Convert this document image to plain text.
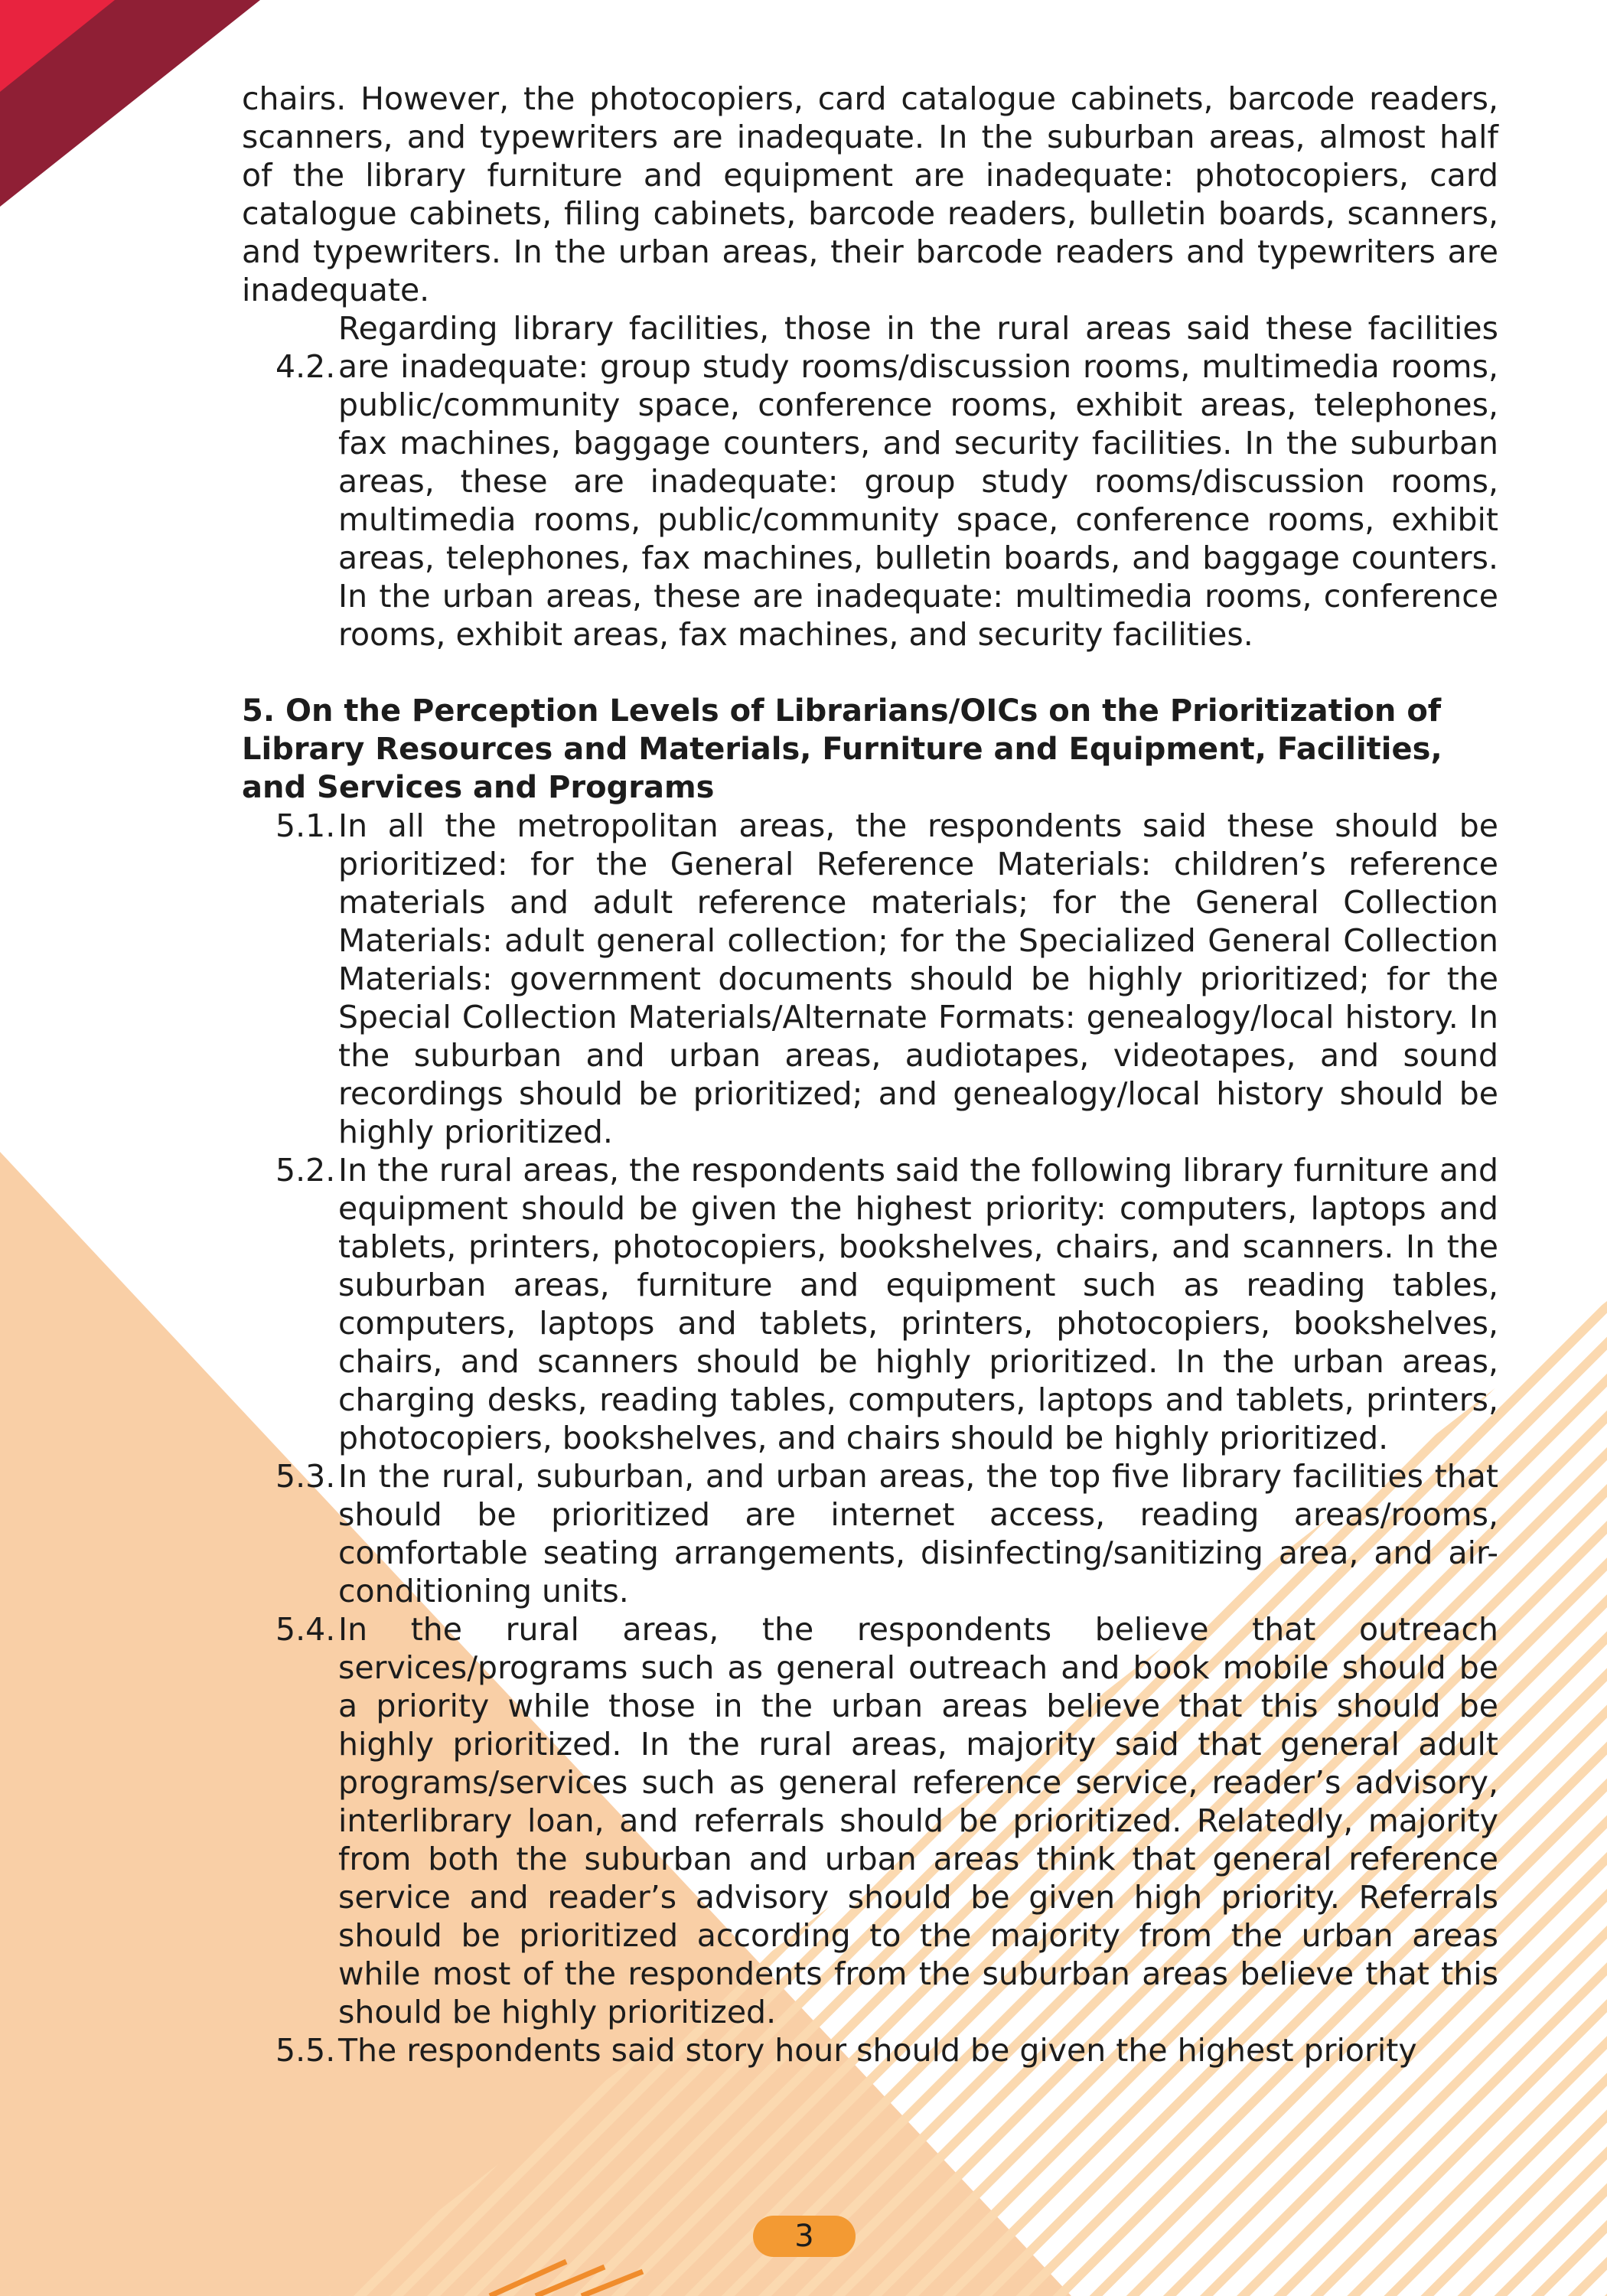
chairs. However, the photocopiers, card catalogue cabinets, barcode readers, scanners, and typewriters are inadequate. In the suburban areas, almost half of the library furniture and equipment are inadequate: photocopiers, card catalogue cabinets, filing cabinets, barcode readers, bulletin boards, scanners, and typewriters. In the urban areas, their barcode readers and typewriters are inadequate.

4.2.

Regarding library facilities, those in the rural areas said these facilities are inadequate: group study rooms/discussion rooms, multimedia rooms, public/community space, conference rooms, exhibit areas, telephones, fax machines, baggage counters, and security facilities. In the suburban areas, these are inadequate: group study rooms/discussion rooms, multimedia rooms, public/community space, conference rooms, exhibit areas, telephones, fax machines, bulletin boards, and baggage counters. In the urban areas, these are inadequate: multimedia rooms, conference rooms, exhibit areas, fax machines, and security facilities.

5. On the Perception Levels of Librarians/OICs on the Prioritization of Library Resources and Materials, Furniture and Equipment, Facilities, and Services and Programs
5.1. In all the metropolitan areas, the respondents said these should be prioritized: for the General Reference Materials: children’s reference materials and adult reference materials; for the General Collection Materials: adult general collection; for the Specialized General Collection Materials: government documents should be highly prioritized; for the Special Collection Materials/Alternate Formats: genealogy/local history. In the suburban and urban areas, audiotapes, videotapes, and sound recordings should be prioritized; and genealogy/local history should be highly prioritized.

5.2. In the rural areas, the respondents said the following library furniture and equipment should be given the highest priority: computers, laptops and tablets, printers, photocopiers, bookshelves, chairs, and scanners. In the suburban areas, furniture and equipment such as reading tables, computers, laptops and tablets, printers, photocopiers, bookshelves, chairs, and scanners should be highly prioritized. In the urban areas, charging desks, reading tables, computers, laptops and tablets, printers, photocopiers, bookshelves, and chairs should be highly prioritized.

5.3. In the rural, suburban, and urban areas, the top five library facilities that should be prioritized are internet access, reading areas/rooms, comfortable seating arrangements, disinfecting/sanitizing area, and air-conditioning units.

5.4. In the rural areas, the respondents believe that outreach services/programs such as general outreach and book mobile should be a priority while those in the urban areas believe that this should be highly prioritized. In the rural areas, majority said that general adult programs/services such as general reference service, reader’s advisory, interlibrary loan, and referrals should be prioritized. Relatedly, majority from both the suburban and urban areas think that general reference service and reader’s advisory should be given high priority. Referrals should be prioritized according to the majority from the urban areas while most of the respondents from the suburban areas believe that this should be highly prioritized.

5.5. The respondents said story hour should be given the highest priority

3
